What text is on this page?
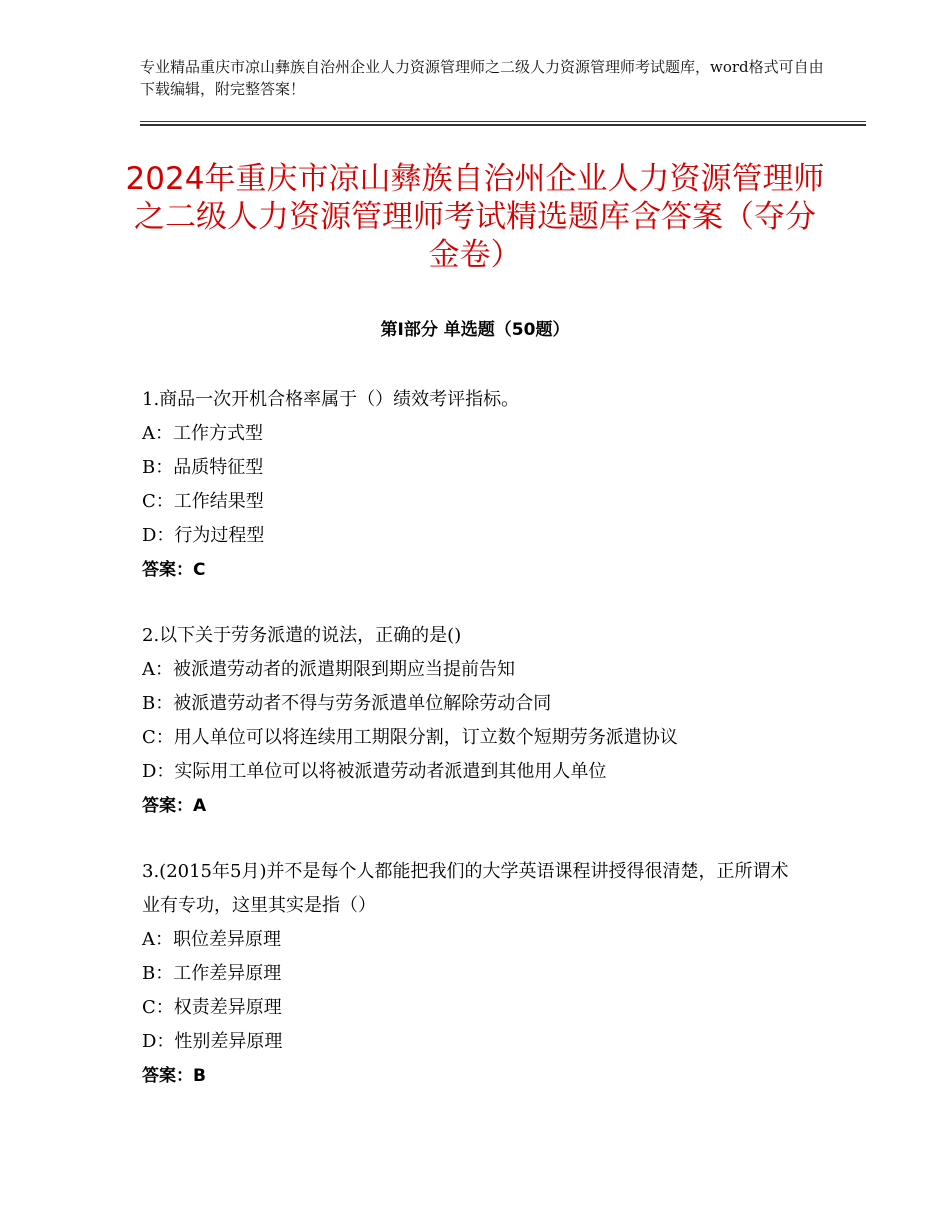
专业精品重庆市凉山彝族自治州企业人力资源管理师之二级人力资源管理师考试题库，word格式可自由下载编辑，附完整答案！
2024年重庆市凉山彝族自治州企业人力资源管理师之二级人力资源管理师考试精选题库含答案（夺分金卷）
第Ⅰ部分 单选题（50题）
1.商品一次开机合格率属于（）绩效考评指标。
A：工作方式型
B：品质特征型
C：工作结果型
D：行为过程型
答案：C
2.以下关于劳务派遣的说法，正确的是()
A：被派遣劳动者的派遣期限到期应当提前告知
B：被派遣劳动者不得与劳务派遣单位解除劳动合同
C：用人单位可以将连续用工期限分割，订立数个短期劳务派遣协议
D：实际用工单位可以将被派遣劳动者派遣到其他用人单位
答案：A
3.(2015年5月)并不是每个人都能把我们的大学英语课程讲授得很清楚，正所谓术业有专功，这里其实是指（）
A：职位差异原理
B：工作差异原理
C：权责差异原理
D：性别差异原理
答案：B
